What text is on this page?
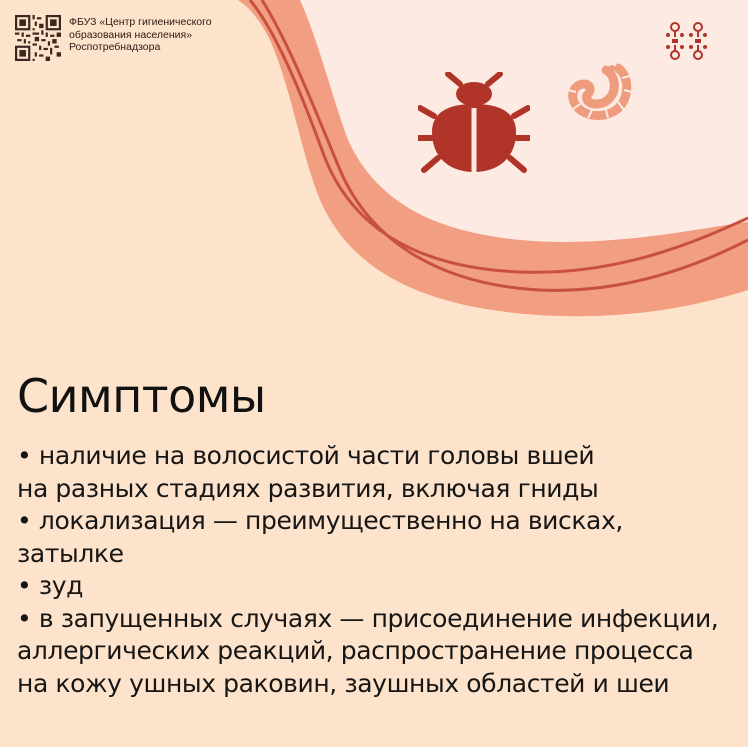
ФБУЗ «Центр гигиенического
образования населения»
Роспотребнадзора
Симптомы
• наличие на волосистой части головы вшей
на разных стадиях развития, включая гниды
• локализация — преимущественно на висках,
затылке
• зуд
• в запущенных случаях — присоединение инфекции,
аллергических реакций, распространение процесса
на кожу ушных раковин, заушных областей и шеи
